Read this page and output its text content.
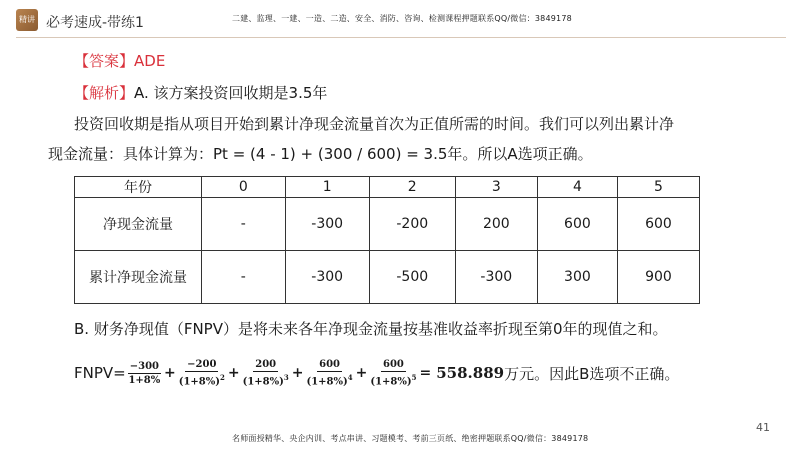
精讲 必考速成-带练1	二建、监理、一建、一造、二造、安全、消防、咨询、检测课程押题联系QQ/微信：3849178
【答案】ADE
【解析】A. 该方案投资回收期是3.5年
投资回收期是指从项目开始到累计净现金流量首次为正值所需的时间。我们可以列出累计净
现金流量：具体计算为：Pt = (4 - 1) + (300 / 600) = 3.5年。所以A选项正确。
年份	0	1	2	3	4	5
净现金流量	-	-300	-200	200	600	600
累计净现金流量	-	-300	-500	-300	300	900
B. 财务净现值（FNPV）是将未来各年净现金流量按基准收益率折现至第0年的现值之和。
FNPV= $\frac{-300}{1+8\%} + \frac{-200}{(1+8\%)^2} + \frac{200}{(1+8\%)^3} + \frac{600}{(1+8\%)^4} + \frac{600}{(1+8\%)^5} = 558.889$ 万元。因此B选项不正确。
41
名师面授精华、央企内训、考点串讲、习题模考、考前三页纸、绝密押题联系QQ/微信：3849178
